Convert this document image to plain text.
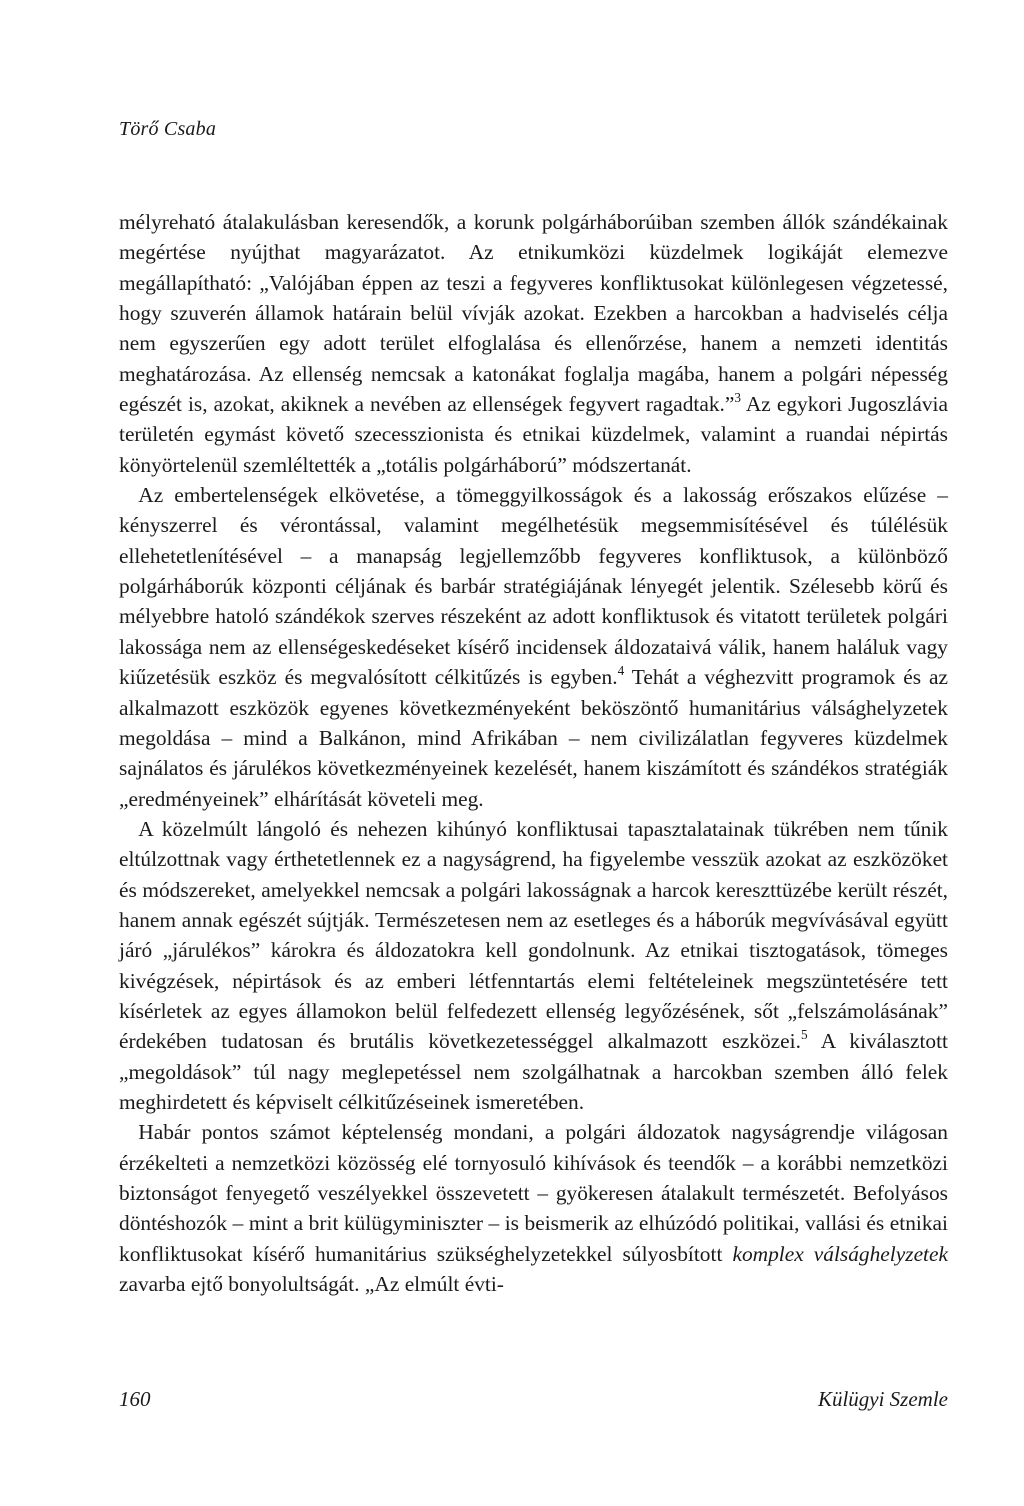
Törő Csaba

mélyreható átalakulásban keresendők, a korunk polgárháborúiban szemben állók szándékainak megértése nyújthat magyarázatot. Az etnikumközi küzdelmek logikáját elemezve megállapítható: „Valójában éppen az teszi a fegyveres konfliktusokat különlegesen végzetessé, hogy szuverén államok határain belül vívják azokat. Ezekben a harcokban a hadviselés célja nem egyszerűen egy adott terület elfoglalása és ellenőrzése, hanem a nemzeti identitás meghatározása. Az ellenség nemcsak a katonákat foglalja magába, hanem a polgári népesség egészét is, azokat, akiknek a nevében az ellenségek fegyvert ragadtak.”$^3$ Az egykori Jugoszlávia területén egymást követő szecesszionista és etnikai küzdelmek, valamint a ruandai népirtás könyörtelenül szemléltették a „totális polgárháború” módszertanát.

Az embertelenségek elkövetése, a tömeggyilkosságok és a lakosság erőszakos elűzése – kényszerrel és vérontással, valamint megélhetésük megsemmisítésével és túlélésük ellehetetlenítésével – a manapság legjellemzőbb fegyveres konfliktusok, a különböző polgárháborúk központi céljának és barbár stratégiájának lényegét jelentik. Szélesebb körű és mélyebbre hatoló szándékok szerves részeként az adott konfliktusok és vitatott területek polgári lakossága nem az ellenségeskedéseket kísérő incidensek áldozataivá válik, hanem haláluk vagy kiűzetésük eszköz és megvalósított célkitűzés is egyben.$^4$ Tehát a véghezvitt programok és az alkalmazott eszközök egyenes következményeként beköszöntő humanitárius válsághelyzetek megoldása – mind a Balkánon, mind Afrikában – nem civilizálatlan fegyveres küzdelmek sajnálatos és járulékos következményeinek kezelését, hanem kiszámított és szándékos stratégiák „eredményeinek” elhárítását követeli meg.

A közelmúlt lángoló és nehezen kihúnyó konfliktusai tapasztalatainak tükrében nem tűnik eltúlzottnak vagy érthetetlennek ez a nagyságrend, ha figyelembe vesszük azokat az eszközöket és módszereket, amelyekkel nemcsak a polgári lakosságnak a harcok kereszttüzébe került részét, hanem annak egészét sújtják. Természetesen nem az esetleges és a háborúk megvívásával együtt járó „járulékos” károkra és áldozatokra kell gondolnunk. Az etnikai tisztogatások, tömeges kivégzések, népirtások és az emberi létfenntartás elemi feltételeinek megszüntetésére tett kísérletek az egyes államokon belül felfedezett ellenség legyőzésének, sőt „felszámolásának” érdekében tudatosan és brutális következetességgel alkalmazott eszközei.$^5$ A kiválasztott „megoldások” túl nagy meglepetéssel nem szolgálhatnak a harcokban szemben álló felek meghirdetett és képviselt célkitűzéseinek ismeretében.

Habár pontos számot képtelenség mondani, a polgári áldozatok nagyságrendje világosan érzékelteti a nemzetközi közösség elé tornyosuló kihívások és teendők – a korábbi nemzetközi biztonságot fenyegető veszélyekkel összevetett – gyökeresen átalakult természetét. Befolyásos döntéshozók – mint a brit külügyminiszter – is beismerik az elhúzódó politikai, vallási és etnikai konfliktusokat kísérő humanitárius szükséghelyzetekkel súlyosbított komplex válsághelyzetek zavarba ejtő bonyolultságát. „Az elmúlt évti-

160	Külügyi Szemle
